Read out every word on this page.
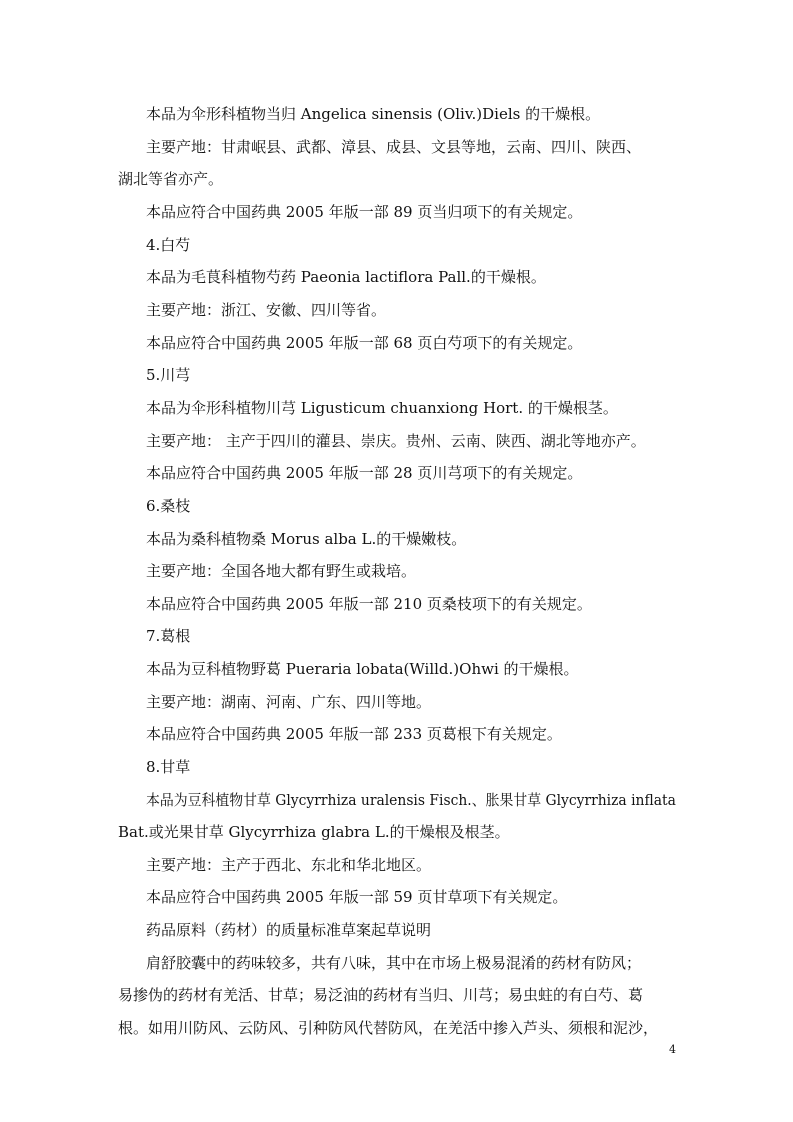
本品为伞形科植物当归 Angelica sinensis (Oliv.)Diels 的干燥根。
主要产地：甘肃岷县、武都、漳县、成县、文县等地，云南、四川、陕西、
湖北等省亦产。
本品应符合中国药典 2005 年版一部 89 页当归项下的有关规定。
4.白芍
本品为毛茛科植物芍药 Paeonia lactiflora Pall.的干燥根。
主要产地：浙江、安徽、四川等省。
本品应符合中国药典 2005 年版一部 68 页白芍项下的有关规定。
5.川芎
本品为伞形科植物川芎 Ligusticum chuanxiong Hort. 的干燥根茎。
主要产地： 主产于四川的灌县、崇庆。贵州、云南、陕西、湖北等地亦产。
本品应符合中国药典 2005 年版一部 28 页川芎项下的有关规定。
6.桑枝
本品为桑科植物桑 Morus alba L.的干燥嫩枝。
主要产地：全国各地大都有野生或栽培。
本品应符合中国药典 2005 年版一部 210 页桑枝项下的有关规定。
7.葛根
本品为豆科植物野葛 Pueraria lobata(Willd.)Ohwi 的干燥根。
主要产地：湖南、河南、广东、四川等地。
本品应符合中国药典 2005 年版一部 233 页葛根下有关规定。
8.甘草
本品为豆科植物甘草 Glycyrrhiza uralensis Fisch.、胀果甘草 Glycyrrhiza inflata
Bat.或光果甘草 Glycyrrhiza glabra L.的干燥根及根茎。
主要产地：主产于西北、东北和华北地区。
本品应符合中国药典 2005 年版一部 59 页甘草项下有关规定。
药品原料（药材）的质量标准草案起草说明
肩舒胶囊中的药味较多，共有八味，其中在市场上极易混淆的药材有防风；
易掺伪的药材有羌活、甘草；易泛油的药材有当归、川芎；易虫蛀的有白芍、葛
根。如用川防风、云防风、引种防风代替防风，在羌活中掺入芦头、须根和泥沙，
4
